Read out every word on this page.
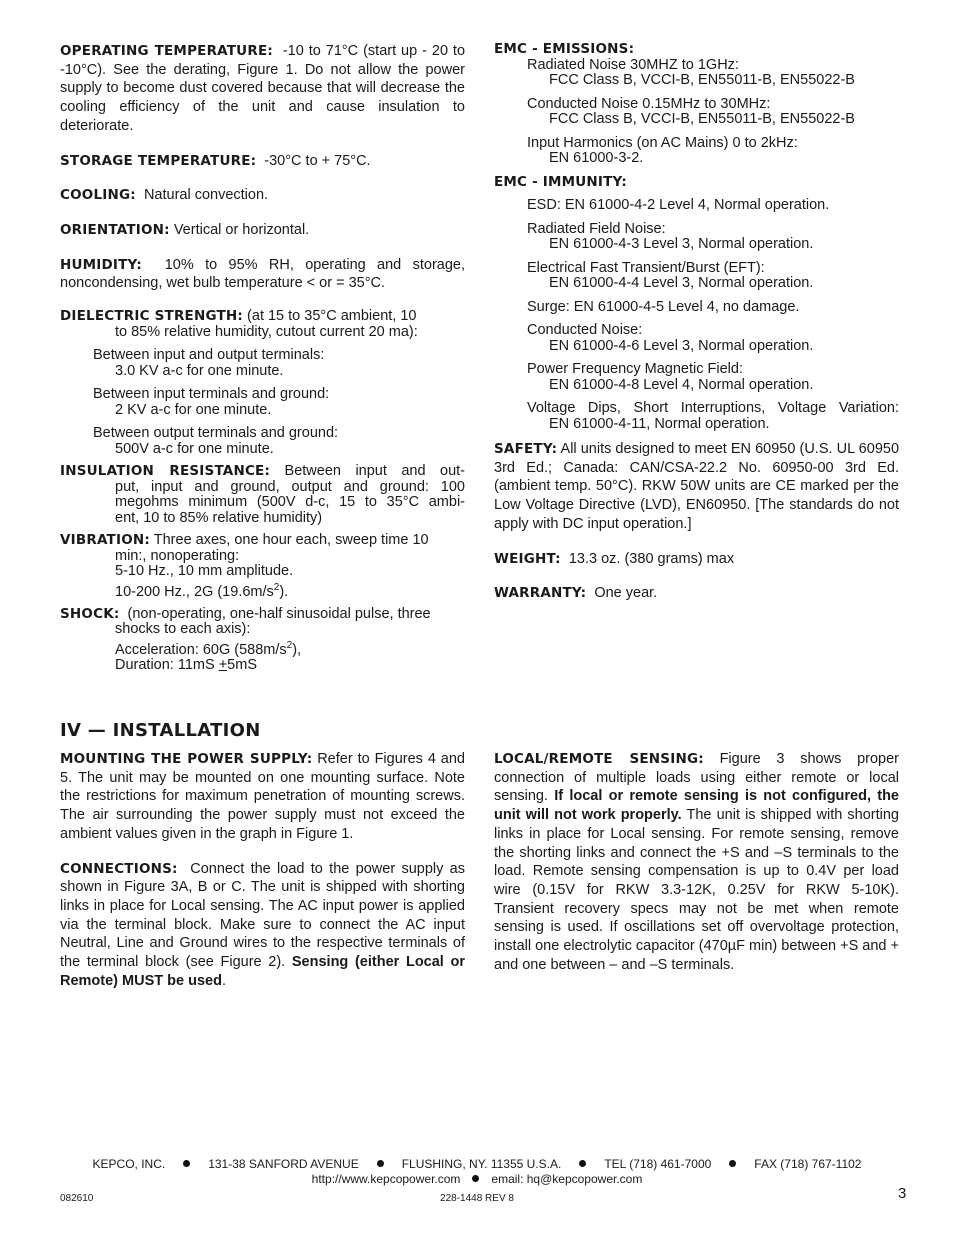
OPERATING TEMPERATURE: -10 to 71°C (start up - 20 to -10°C). See the derating, Figure 1. Do not allow the power supply to become dust covered because that will decrease the cooling efficiency of the unit and cause insulation to deteriorate.

STORAGE TEMPERATURE: -30°C to + 75°C.

COOLING: Natural convection.

ORIENTATION: Vertical or horizontal.

HUMIDITY: 10% to 95% RH, operating and storage, noncondensing, wet bulb temperature < or = 35°C.

DIELECTRIC STRENGTH: (at 15 to 35°C ambient, 10
to 85% relative humidity, cutout current 20 ma):
Between input and output terminals:
3.0 KV a-c for one minute.
Between input terminals and ground:
2 KV a-c for one minute.
Between output terminals and ground:
500V a-c for one minute.
INSULATION RESISTANCE: Between input and out-
put, input and ground, output and ground: 100
megohms minimum (500V d-c, 15 to 35°C ambi-
ent, 10 to 85% relative humidity)
VIBRATION: Three axes, one hour each, sweep time 10
min:, nonoperating:
5-10 Hz., 10 mm amplitude.
10-200 Hz., 2G $(19.6m/s^2)$.
SHOCK: (non-operating, one-half sinusoidal pulse, three
shocks to each axis):
Acceleration: 60G $(588m/s^2)$,
Duration: 11mS +5mS
EMC - EMISSIONS:
Radiated Noise 30MHZ to 1GHz:
FCC Class B, VCCI-B, EN55011-B, EN55022-B
Conducted Noise 0.15MHz to 30MHz:
FCC Class B, VCCI-B, EN55011-B, EN55022-B
Input Harmonics (on AC Mains) 0 to 2kHz:
EN 61000-3-2.
EMC - IMMUNITY:
ESD: EN 61000-4-2 Level 4, Normal operation.
Radiated Field Noise:
EN 61000-4-3 Level 3, Normal operation.
Electrical Fast Transient/Burst (EFT):
EN 61000-4-4 Level 3, Normal operation.
Surge: EN 61000-4-5 Level 4, no damage.
Conducted Noise:
EN 61000-4-6 Level 3, Normal operation.
Power Frequency Magnetic Field:
EN 61000-4-8 Level 4, Normal operation.
Voltage Dips, Short Interruptions, Voltage Variation:
EN 61000-4-11, Normal operation.

SAFETY: All units designed to meet EN 60950 (U.S. UL 60950 3rd Ed.; Canada: CAN/CSA-22.2 No. 60950-00 3rd Ed. (ambient temp. 50°C). RKW 50W units are CE marked per the Low Voltage Directive (LVD), EN60950. [The standards do not apply with DC input operation.]

WEIGHT: 13.3 oz. (380 grams) max

WARRANTY: One year.

IV — INSTALLATION

MOUNTING THE POWER SUPPLY: Refer to Figures 4 and 5. The unit may be mounted on one mounting surface. Note the restrictions for maximum penetration of mounting screws. The air surrounding the power supply must not exceed the ambient values given in the graph in Figure 1.

CONNECTIONS: Connect the load to the power supply as shown in Figure 3A, B or C. The unit is shipped with shorting links in place for Local sensing. The AC input power is applied via the terminal block. Make sure to connect the AC input Neutral, Line and Ground wires to the respective terminals of the terminal block (see Figure 2). Sensing (either Local or Remote) MUST be used.

LOCAL/REMOTE SENSING: Figure 3 shows proper connection of multiple loads using either remote or local sensing. If local or remote sensing is not configured, the unit will not work properly. The unit is shipped with shorting links in place for Local sensing. For remote sensing, remove the shorting links and connect the +S and –S terminals to the load. Remote sensing compensation is up to 0.4V per load wire (0.15V for RKW 3.3-12K, 0.25V for RKW 5-10K). Transient recovery specs may not be met when remote sensing is used. If oscillations set off overvoltage protection, install one electrolytic capacitor (470µF min) between +S and + and one between – and –S terminals.

KEPCO, INC.	131-38 SANFORD AVENUE	FLUSHING, NY. 11355 U.S.A.	TEL (718) 461-7000	FAX (718) 767-1102
http://www.kepcopower.com	email: hq@kepcopower.com
082610	228-1448 REV 8	3
